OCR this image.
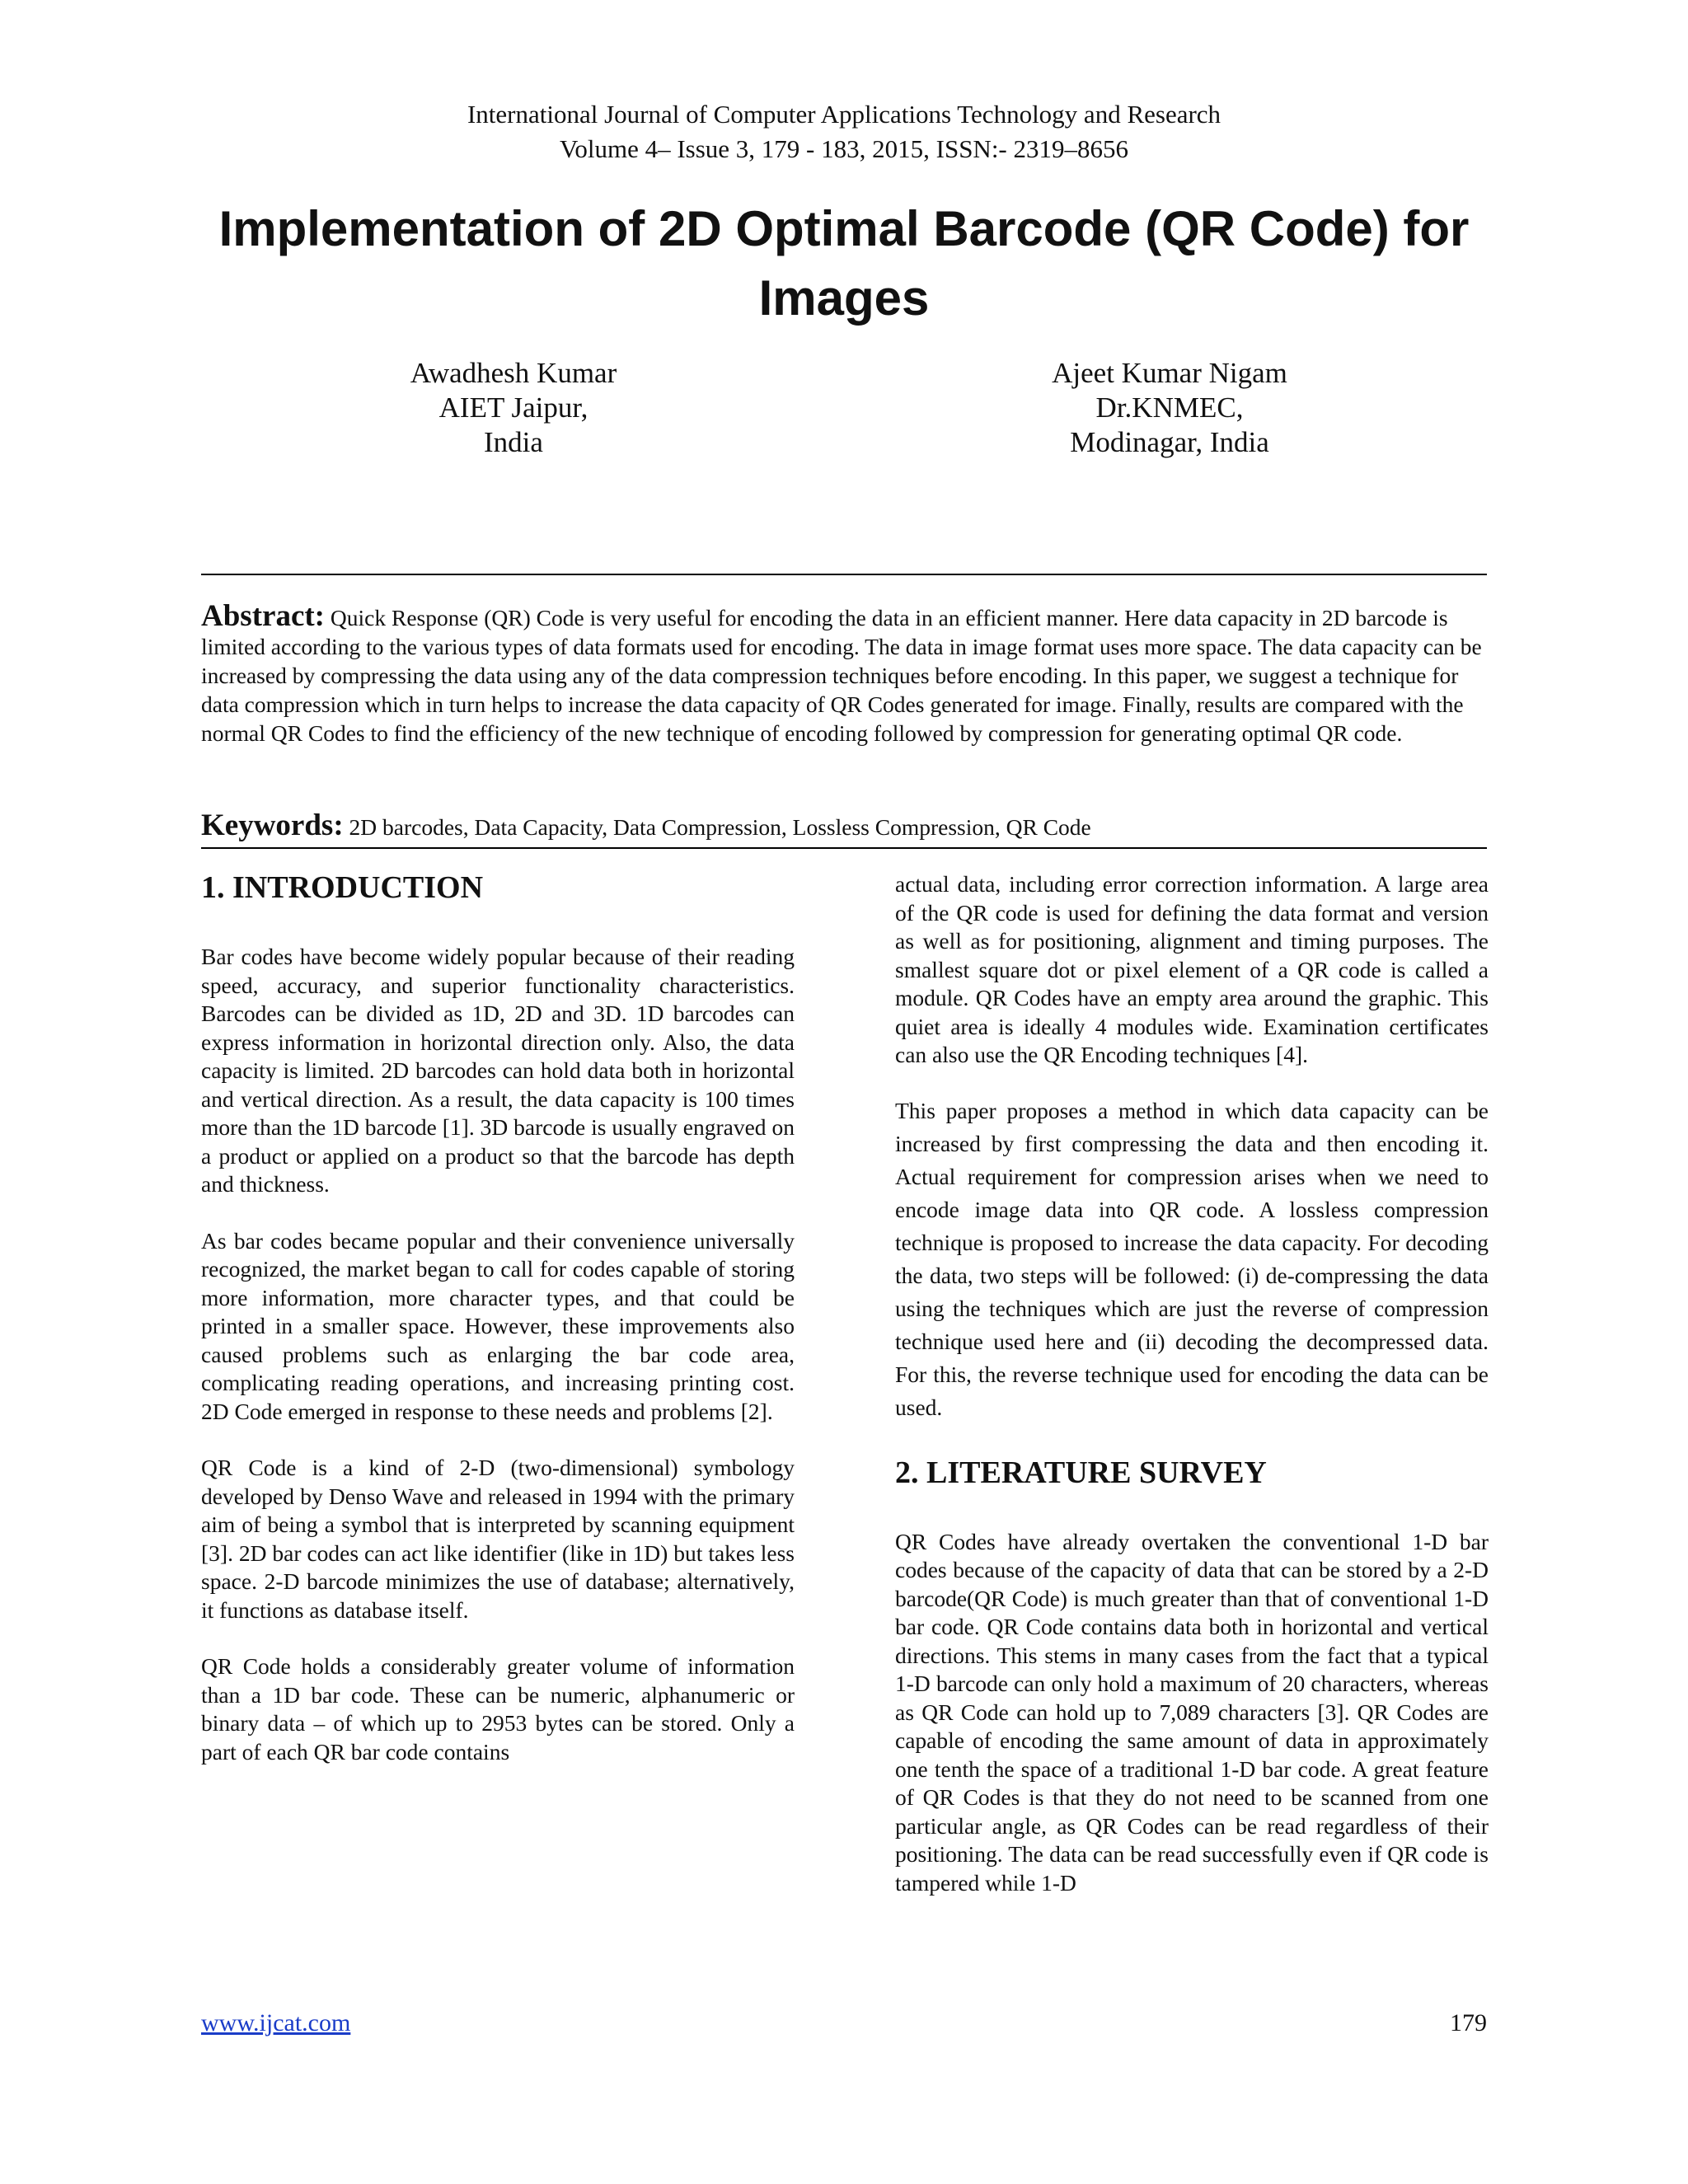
International Journal of Computer Applications Technology and Research
Volume 4– Issue 3, 179 - 183, 2015, ISSN:- 2319–8656
Implementation of 2D Optimal Barcode (QR Code) for Images
Awadhesh Kumar
AIET Jaipur,
India
Ajeet Kumar Nigam
Dr.KNMEC,
Modinagar, India

Abstract: Quick Response (QR) Code is very useful for encoding the data in an efficient manner. Here data capacity in 2D barcode is limited according to the various types of data formats used for encoding. The data in image format uses more space. The data capacity can be increased by compressing the data using any of the data compression techniques before encoding. In this paper, we suggest a technique for data compression which in turn helps to increase the data capacity of QR Codes generated for image. Finally, results are compared with the normal QR Codes to find the efficiency of the new technique of encoding followed by compression for generating optimal QR code.

Keywords: 2D barcodes, Data Capacity, Data Compression, Lossless Compression, QR Code

1. INTRODUCTION

Bar codes have become widely popular because of their reading speed, accuracy, and superior functionality characteristics. Barcodes can be divided as 1D, 2D and 3D. 1D barcodes can express information in horizontal direction only. Also, the data capacity is limited. 2D barcodes can hold data both in horizontal and vertical direction. As a result, the data capacity is 100 times more than the 1D barcode [1]. 3D barcode is usually engraved on a product or applied on a product so that the barcode has depth and thickness.

As bar codes became popular and their convenience universally recognized, the market began to call for codes capable of storing more information, more character types, and that could be printed in a smaller space. However, these improvements also caused problems such as enlarging the bar code area, complicating reading operations, and increasing printing cost. 2D Code emerged in response to these needs and problems [2].

QR Code is a kind of 2-D (two-dimensional) symbology developed by Denso Wave and released in 1994 with the primary aim of being a symbol that is interpreted by scanning equipment [3]. 2D bar codes can act like identifier (like in 1D) but takes less space. 2-D barcode minimizes the use of database; alternatively, it functions as database itself.

QR Code holds a considerably greater volume of information than a 1D bar code. These can be numeric, alphanumeric or binary data – of which up to 2953 bytes can be stored. Only a part of each QR bar code contains

actual data, including error correction information. A large area of the QR code is used for defining the data format and version as well as for positioning, alignment and timing purposes. The smallest square dot or pixel element of a QR code is called a module. QR Codes have an empty area around the graphic. This quiet area is ideally 4 modules wide. Examination certificates can also use the QR Encoding techniques [4].

This paper proposes a method in which data capacity can be increased by first compressing the data and then encoding it. Actual requirement for compression arises when we need to encode image data into QR code. A lossless compression technique is proposed to increase the data capacity. For decoding the data, two steps will be followed: (i) de-compressing the data using the techniques which are just the reverse of compression technique used here and (ii) decoding the decompressed data. For this, the reverse technique used for encoding the data can be used.

2. LITERATURE SURVEY

QR Codes have already overtaken the conventional 1-D bar codes because of the capacity of data that can be stored by a 2-D barcode(QR Code) is much greater than that of conventional 1-D bar code. QR Code contains data both in horizontal and vertical directions. This stems in many cases from the fact that a typical 1-D barcode can only hold a maximum of 20 characters, whereas as QR Code can hold up to 7,089 characters [3]. QR Codes are capable of encoding the same amount of data in approximately one tenth the space of a traditional 1-D bar code. A great feature of QR Codes is that they do not need to be scanned from one particular angle, as QR Codes can be read regardless of their positioning. The data can be read successfully even if QR code is tampered while 1-D

www.ijcat.com	179
